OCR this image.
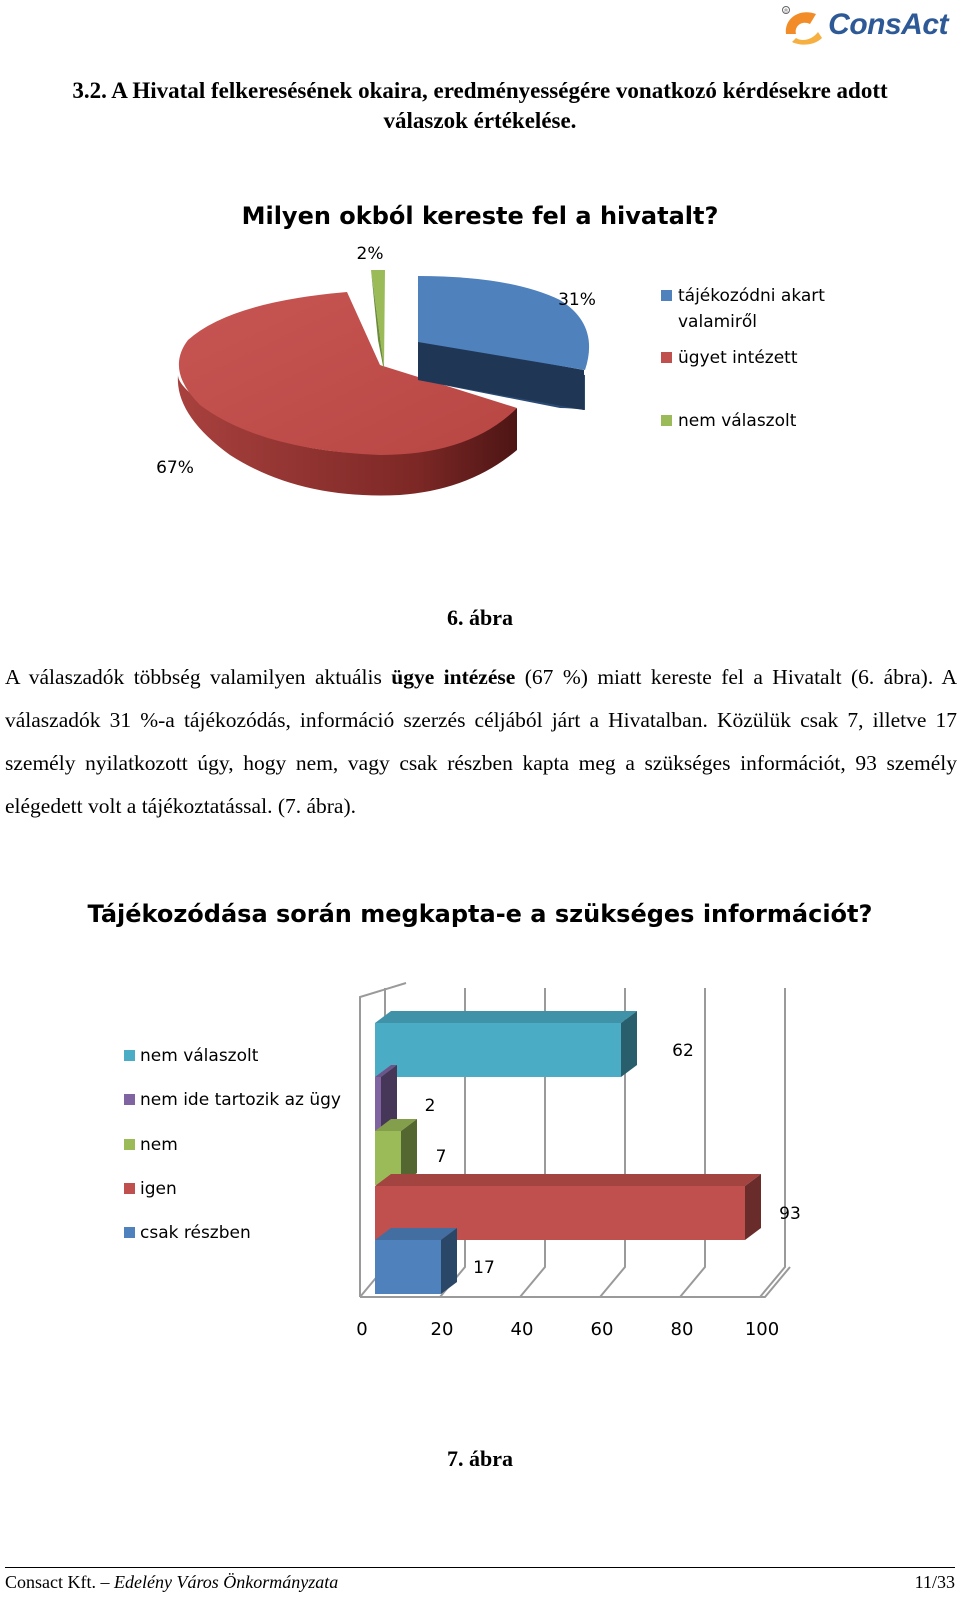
® ConsAct
3.2. A Hivatal felkeresésének okaira, eredményességére vonatkozó kérdésekre adott válaszok értékelése.
Milyen okból kereste fel a hivatalt?
2%
31%
67%
tájékozódni akart
valamiről
ügyet intézett
nem válaszolt
6. ábra
A válaszadók többség valamilyen aktuális ügye intézése (67 %) miatt kereste fel a Hivatalt (6. ábra). A válaszadók 31 %-a tájékozódás, információ szerzés céljából járt a Hivatalban. Közülük csak 7, illetve 17 személy nyilatkozott úgy, hogy nem, vagy csak részben kapta meg a szükséges információt, 93 személy elégedett volt a tájékoztatással. (7. ábra).
Tájékozódása során megkapta-e a szükséges információt?
62
2
7
93
17
0	20	40	60	80	100
nem válaszolt
nem ide tartozik az ügy
nem
igen
csak részben
7. ábra
Consact Kft. – Edelény Város Önkormányzata	11/33
